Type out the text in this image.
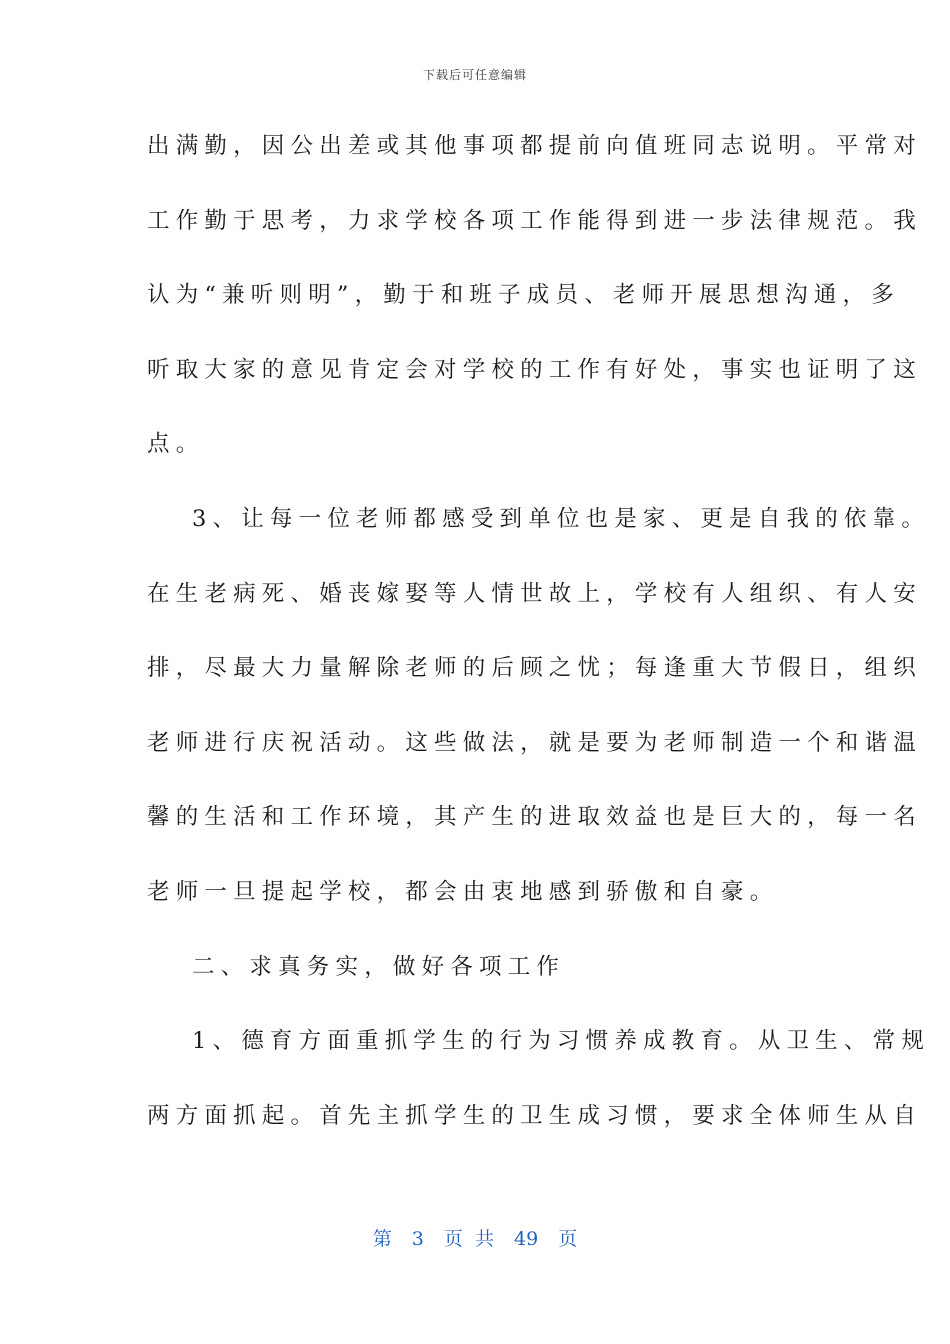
下载后可任意编辑
出满勤，因公出差或其他事项都提前向值班同志说明。平常对
工作勤于思考，力求学校各项工作能得到进一步法律规范。我
认为“兼听则明”，勤于和班子成员、老师开展思想沟通，多
听取大家的意见肯定会对学校的工作有好处，事实也证明了这
点。
3、让每一位老师都感受到单位也是家、更是自我的依靠。
在生老病死、婚丧嫁娶等人情世故上，学校有人组织、有人安
排，尽最大力量解除老师的后顾之忧；每逢重大节假日，组织
老师进行庆祝活动。这些做法，就是要为老师制造一个和谐温
馨的生活和工作环境，其产生的进取效益也是巨大的，每一名
老师一旦提起学校，都会由衷地感到骄傲和自豪。
二、求真务实，做好各项工作
1、德育方面重抓学生的行为习惯养成教育。从卫生、常规
两方面抓起。首先主抓学生的卫生成习惯，要求全体师生从自
第 3 页 共 49 页
